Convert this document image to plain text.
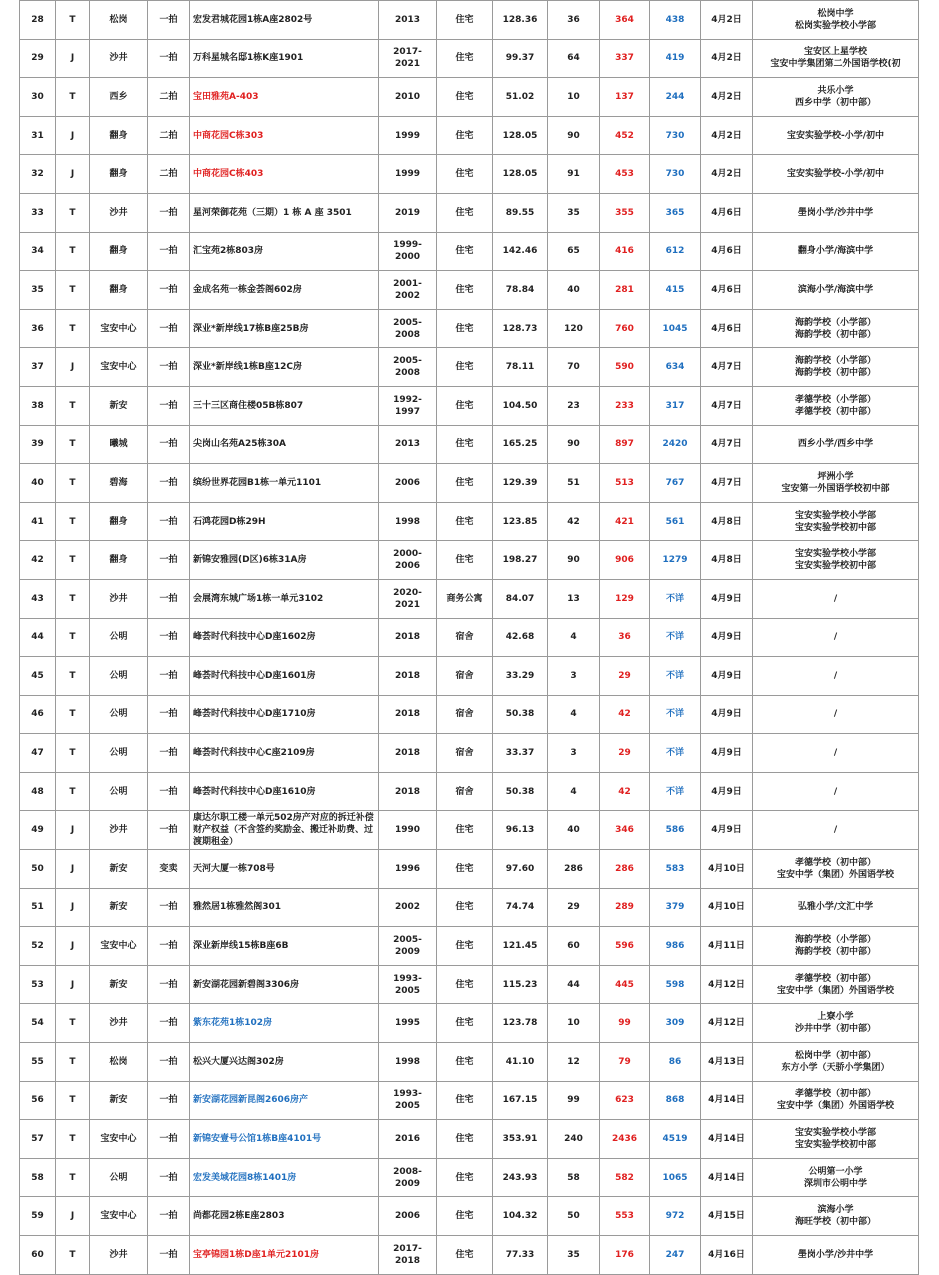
28	T	松岗	一拍	宏发君城花园1栋A座2802号	2013	住宅	128.36	36	364	438	4月2日	松岗中学
松岗实验学校小学部
29	J	沙井	一拍	万科星城名邸1栋K座1901	2017-2021	住宅	99.37	64	337	419	4月2日	宝安区上星学校
宝安中学集团第二外国语学校(初
30	T	西乡	二拍	宝田雅苑A-403	2010	住宅	51.02	10	137	244	4月2日	共乐小学
西乡中学（初中部）
31	J	翻身	二拍	中商花园C栋303	1999	住宅	128.05	90	452	730	4月2日	宝安实验学校-小学/初中
32	J	翻身	二拍	中商花园C栋403	1999	住宅	128.05	91	453	730	4月2日	宝安实验学校-小学/初中
33	T	沙井	一拍	星河荣御花苑（三期）1 栋 A 座 3501	2019	住宅	89.55	35	355	365	4月6日	壆岗小学/沙井中学
34	T	翻身	一拍	汇宝苑2栋803房	1999-2000	住宅	142.46	65	416	612	4月6日	翻身小学/海滨中学
35	T	翻身	一拍	金成名苑一栋金荟阁602房	2001-2002	住宅	78.84	40	281	415	4月6日	滨海小学/海滨中学
36	T	宝安中心	一拍	深业*新岸线17栋B座25B房	2005-2008	住宅	128.73	120	760	1045	4月6日	海韵学校（小学部）
海韵学校（初中部）
37	J	宝安中心	一拍	深业*新岸线1栋B座12C房	2005-2008	住宅	78.11	70	590	634	4月7日	海韵学校（小学部）
海韵学校（初中部）
38	T	新安	一拍	三十三区商住楼05B栋807	1992-1997	住宅	104.50	23	233	317	4月7日	孝德学校（小学部）
孝德学校（初中部）
39	T	曦城	一拍	尖岗山名苑A25栋30A	2013	住宅	165.25	90	897	2420	4月7日	西乡小学/西乡中学
40	T	碧海	一拍	缤纷世界花园B1栋一单元1101	2006	住宅	129.39	51	513	767	4月7日	坪洲小学
宝安第一外国语学校初中部
41	T	翻身	一拍	石鸿花园D栋29H	1998	住宅	123.85	42	421	561	4月8日	宝安实验学校小学部
宝安实验学校初中部
42	T	翻身	一拍	新锦安雅园(D区)6栋31A房	2000-2006	住宅	198.27	90	906	1279	4月8日	宝安实验学校小学部
宝安实验学校初中部
43	T	沙井	一拍	会展湾东城广场1栋一单元3102	2020-2021	商务公寓	84.07	13	129	不详	4月9日	/
44	T	公明	一拍	峰荟时代科技中心D座1602房	2018	宿舍	42.68	4	36	不详	4月9日	/
45	T	公明	一拍	峰荟时代科技中心D座1601房	2018	宿舍	33.29	3	29	不详	4月9日	/
46	T	公明	一拍	峰荟时代科技中心D座1710房	2018	宿舍	50.38	4	42	不详	4月9日	/
47	T	公明	一拍	峰荟时代科技中心C座2109房	2018	宿舍	33.37	3	29	不详	4月9日	/
48	T	公明	一拍	峰荟时代科技中心D座1610房	2018	宿舍	50.38	4	42	不详	4月9日	/
49	J	沙井	一拍	康达尔职工楼一单元502房产对应的拆迁补偿财产权益（不含签约奖励金、搬迁补助费、过渡期租金）	1990	住宅	96.13	40	346	586	4月9日	/
50	J	新安	变卖	天河大厦一栋708号	1996	住宅	97.60	286	286	583	4月10日	孝德学校（初中部）
宝安中学（集团）外国语学校
51	J	新安	一拍	雅然居1栋雅然阁301	2002	住宅	74.74	29	289	379	4月10日	弘雅小学/文汇中学
52	J	宝安中心	一拍	深业新岸线15栋B座6B	2005-2009	住宅	121.45	60	596	986	4月11日	海韵学校（小学部）
海韵学校（初中部）
53	J	新安	一拍	新安湖花园新碧阁3306房	1993-2005	住宅	115.23	44	445	598	4月12日	孝德学校（初中部）
宝安中学（集团）外国语学校
54	T	沙井	一拍	紫东花苑1栋102房	1995	住宅	123.78	10	99	309	4月12日	上寮小学
沙井中学（初中部）
55	T	松岗	一拍	松兴大厦兴达阁302房	1998	住宅	41.10	12	79	86	4月13日	松岗中学（初中部）
东方小学（天骄小学集团）
56	T	新安	一拍	新安湖花园新昆阁2606房产	1993-2005	住宅	167.15	99	623	868	4月14日	孝德学校（初中部）
宝安中学（集团）外国语学校
57	T	宝安中心	一拍	新锦安壹号公馆1栋B座4101号	2016	住宅	353.91	240	2436	4519	4月14日	宝安实验学校小学部
宝安实验学校初中部
58	T	公明	一拍	宏发美域花园8栋1401房	2008-2009	住宅	243.93	58	582	1065	4月14日	公明第一小学
深圳市公明中学
59	J	宝安中心	一拍	尚都花园2栋E座2803	2006	住宅	104.32	50	553	972	4月15日	滨海小学
海旺学校（初中部）
60	T	沙井	一拍	宝亭锦园1栋D座1单元2101房	2017-2018	住宅	77.33	35	176	247	4月16日	壆岗小学/沙井中学
